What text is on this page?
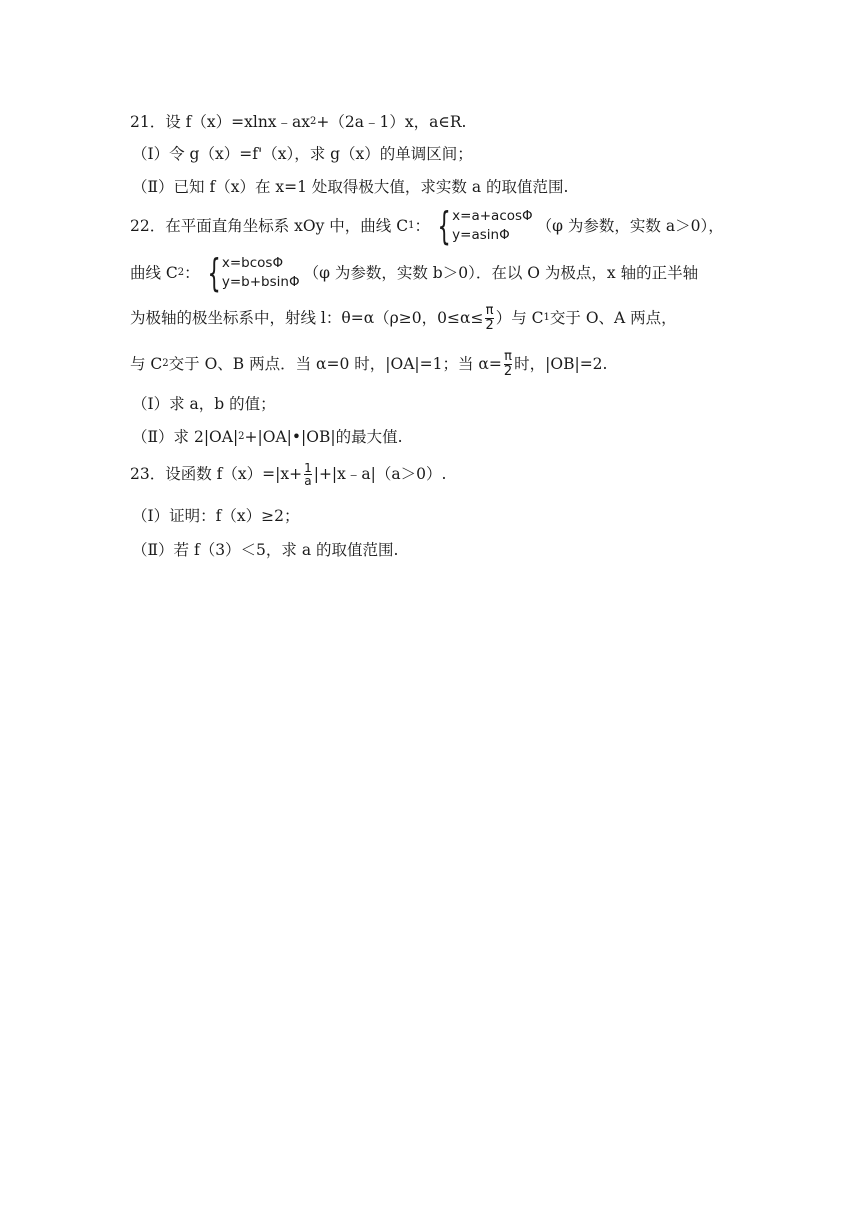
21．设 f（x）=xlnx﹣ax 2 +（2a﹣1）x，a∈R.
（Ⅰ）令 g（x）=f'（x），求 g（x）的单调区间；
（Ⅱ）已知 f（x）在 x=1 处取得极大值，求实数 a 的取值范围.
22．在平面直角坐标系 xOy 中，曲线 C 1 ： { x=a+acosΦ
y=asinΦ	（φ 为参数，实数 a＞0），
曲线 C 2 ： { x=bcosΦ
y=b+bsinΦ （φ 为参数，实数 b＞0）．在以 O 为极点，x 轴的正半轴
为极轴的极坐标系中，射线 l：θ=α（ρ≥0，$0\le\alpha\le \frac{\pi}{2}$ ）与 C 1 交于 O、A 两点，
与 C 2 交于 O、B 两点．当 α=0 时，|OA|=1；当 $\alpha= \frac{\pi}{2}$ 时，|OB|=2.
（Ⅰ）求 a，b 的值；
（Ⅱ）求 2|OA| 2 +|OA|•|OB|的最大值.
23．设函数 $f(x)=|x+ \frac{1}{a}$ |+|x﹣a|（a＞0）.
（Ⅰ）证明：f（x）≥2；
（Ⅱ）若 f（3）＜5，求 a 的取值范围.
